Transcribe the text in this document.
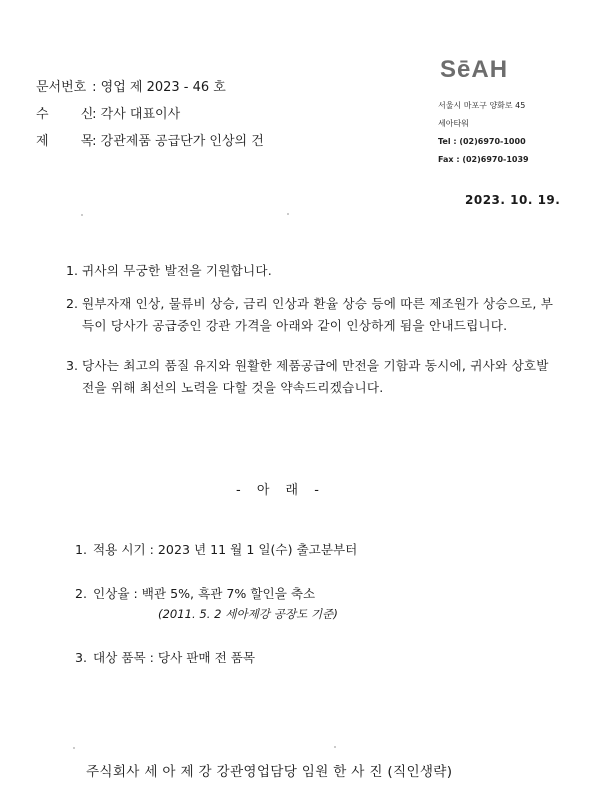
SēAH
서울시 마포구 양화로 45
세아타워
Tel : (02)6970-1000
Fax : (02)6970-1039
문서번호 : 영업 제 2023 - 46 호
수 신 : 각사 대표이사
제 목 : 강관제품 공급단가 인상의 건
2023. 10. 19.
1. 귀사의 무궁한 발전을 기원합니다.
2. 원부자재 인상, 물류비 상승, 금리 인상과 환율 상승 등에 따른 제조원가 상승으로, 부득이 당사가 공급중인 강관 가격을 아래와 같이 인상하게 됨을 안내드립니다.
3. 당사는 최고의 품질 유지와 원활한 제품공급에 만전을 기함과 동시에, 귀사와 상호발전을 위해 최선의 노력을 다할 것을 약속드리겠습니다.
- 아 래 -
1. 적용 시기 : 2023 년 11 월 1 일(수) 출고분부터
2. 인상율 : 백관 5%, 흑관 7% 할인을 축소
(2011. 5. 2 세아제강 공장도 기준)
3. 대상 품목 : 당사 판매 전 품목
주식회사 세 아 제 강 강관영업담당 임원 한 사 진 (직인생략)
